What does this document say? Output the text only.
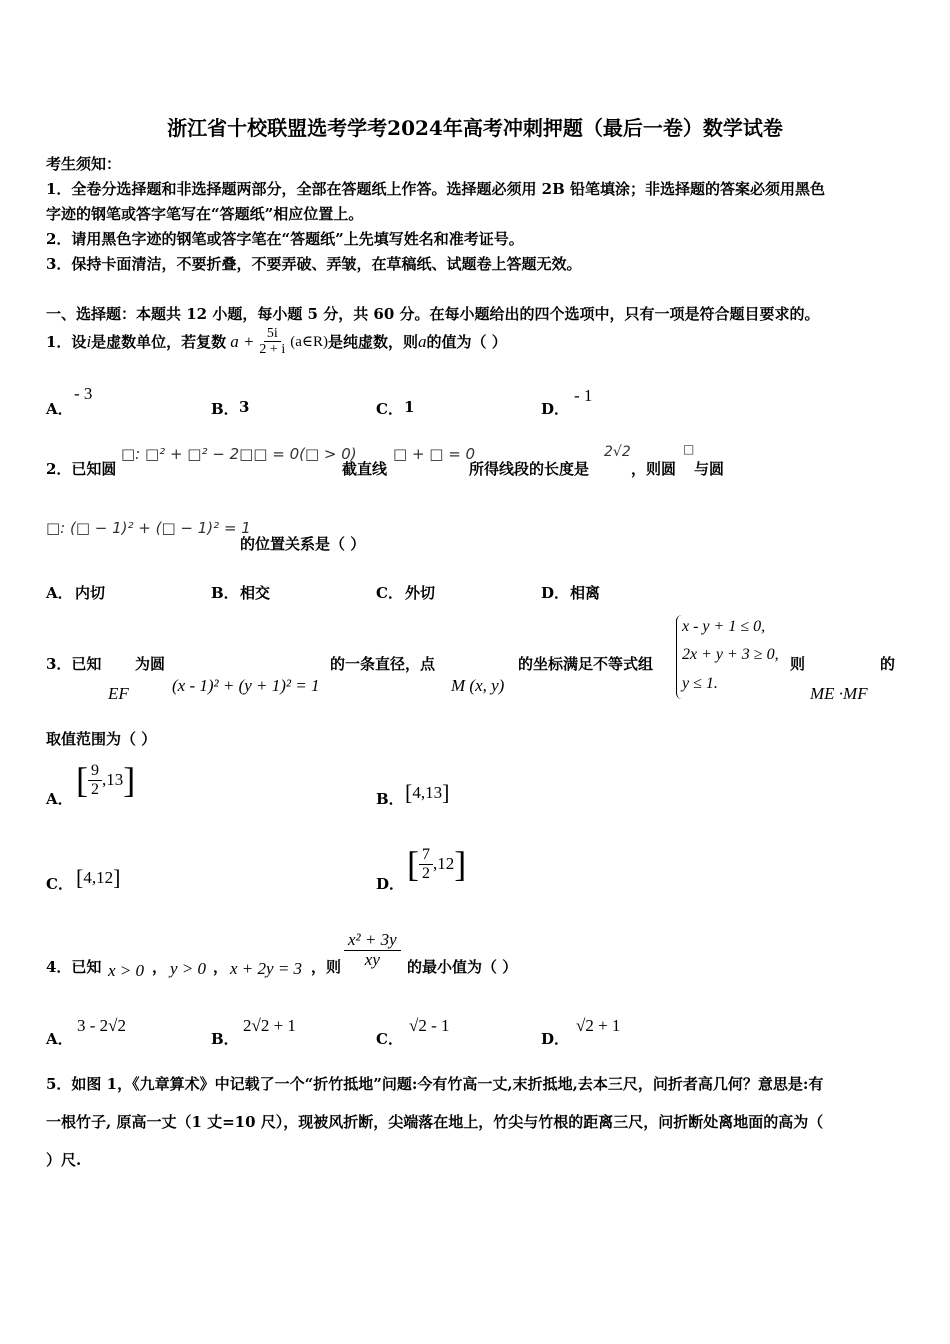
浙江省十校联盟选考学考2024年高考冲刺押题（最后一卷）数学试卷
考生须知：
1．全卷分选择题和非选择题两部分，全部在答题纸上作答。选择题必须用 2B 铅笔填涂；非选择题的答案必须用黑色
字迹的钢笔或答字笔写在“答题纸”相应位置上。
2．请用黑色字迹的钢笔或答字笔在“答题纸”上先填写姓名和准考证号。
3．保持卡面清洁，不要折叠，不要弄破、弄皱，在草稿纸、试题卷上答题无效。
一、选择题：本题共 12 小题，每小题 5 分，共 60 分。在每小题给出的四个选项中，只有一项是符合题目要求的。
1．设 i 是虚数单位，若复数 $a + \frac{5i}{2 + i}$ (a∈R) 是纯虚数，则 a 的值为（ ）
A．
- 3
B． 3	C． 1	D．
- 1
2．已知圆
□: □² + □² − 2□□ = 0(□ > 0)
截直线
□ + □ = 0
所得线段的长度是
2√2
，则圆
□
与圆
□: (□ − 1)² + (□ − 1)² = 1
的位置关系是（ ）
A． 内切	B． 相交	C． 外切	D． 相离
3．已知
EF
为圆
(x - 1)² + (y + 1)² = 1
的一条直径，点
M (x, y)
的坐标满足不等式组
x - y + 1 ≤ 0,
2x + y + 3 ≥ 0,
y ≤ 1.
则	的
ME ·MF
取值范围为（ ）
A． [ $\frac{9}{2} ,13$ ]	B． [ 4,13 ]
C． [ 4,12 ]	D． [ $\frac{7}{2} ,12$ ]
4．已知 x > 0 ， y > 0 ， x + 2y = 3 ，则 $\frac{\text{x² + 3y}}{xy}$ 的最小值为（ ）
A．
3 - 2√2
B．
2√2 + 1
C．
√2 - 1
D．
√2 + 1
5．如图 1，《九章算术》中记载了一个“折竹抵地”问题:今有竹高一丈,末折抵地,去本三尺，问折者高几何？意思是:有
一根竹子, 原高一丈（1 丈=10 尺），现被风折断，尖端落在地上，竹尖与竹根的距离三尺，问折断处离地面的高为（
）尺.
